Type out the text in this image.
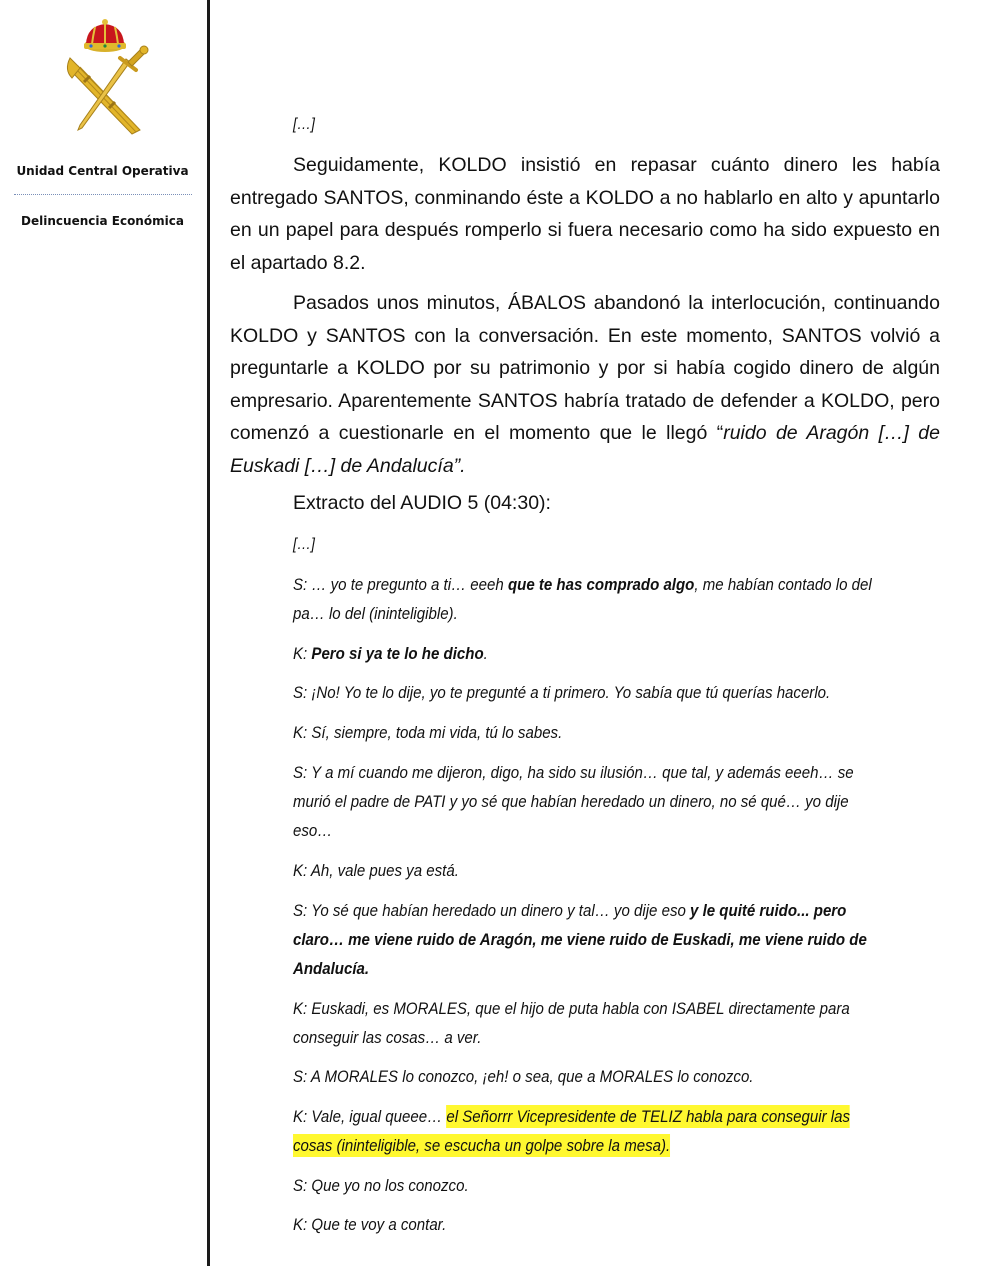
Unidad Central Operativa
Delincuencia Económica
[…]
Seguidamente, KOLDO insistió en repasar cuánto dinero les había entregado SANTOS, conminando éste a KOLDO a no hablarlo en alto y apuntarlo en un papel para después romperlo si fuera necesario como ha sido expuesto en el apartado 8.2.
Pasados unos minutos, ÁBALOS abandonó la interlocución, continuando KOLDO y SANTOS con la conversación. En este momento, SANTOS volvió a preguntarle a KOLDO por su patrimonio y por si había cogido dinero de algún empresario. Aparentemente SANTOS habría tratado de defender a KOLDO, pero comenzó a cuestionarle en el momento que le llegó “ruido de Aragón […] de Euskadi […] de Andalucía”.
Extracto del AUDIO 5 (04:30):
[…]
S: … yo te pregunto a ti… eeeh que te has comprado algo, me habían contado lo del pa… lo del (ininteligible).
K: Pero si ya te lo he dicho.
S: ¡No! Yo te lo dije, yo te pregunté a ti primero. Yo sabía que tú querías hacerlo.
K: Sí, siempre, toda mi vida, tú lo sabes.
S: Y a mí cuando me dijeron, digo, ha sido su ilusión… que tal, y además eeeh… se murió el padre de PATI y yo sé que habían heredado un dinero, no sé qué… yo dije eso…
K: Ah, vale pues ya está.
S: Yo sé que habían heredado un dinero y tal… yo dije eso y le quité ruido... pero claro… me viene ruido de Aragón, me viene ruido de Euskadi, me viene ruido de Andalucía.
K: Euskadi, es MORALES, que el hijo de puta habla con ISABEL directamente para conseguir las cosas… a ver.
S: A MORALES lo conozco, ¡eh! o sea, que a MORALES lo conozco.
K: Vale, igual queee… el Señorrr Vicepresidente de TELIZ habla para conseguir las cosas (ininteligible, se escucha un golpe sobre la mesa).
S: Que yo no los conozco.
K: Que te voy a contar.
